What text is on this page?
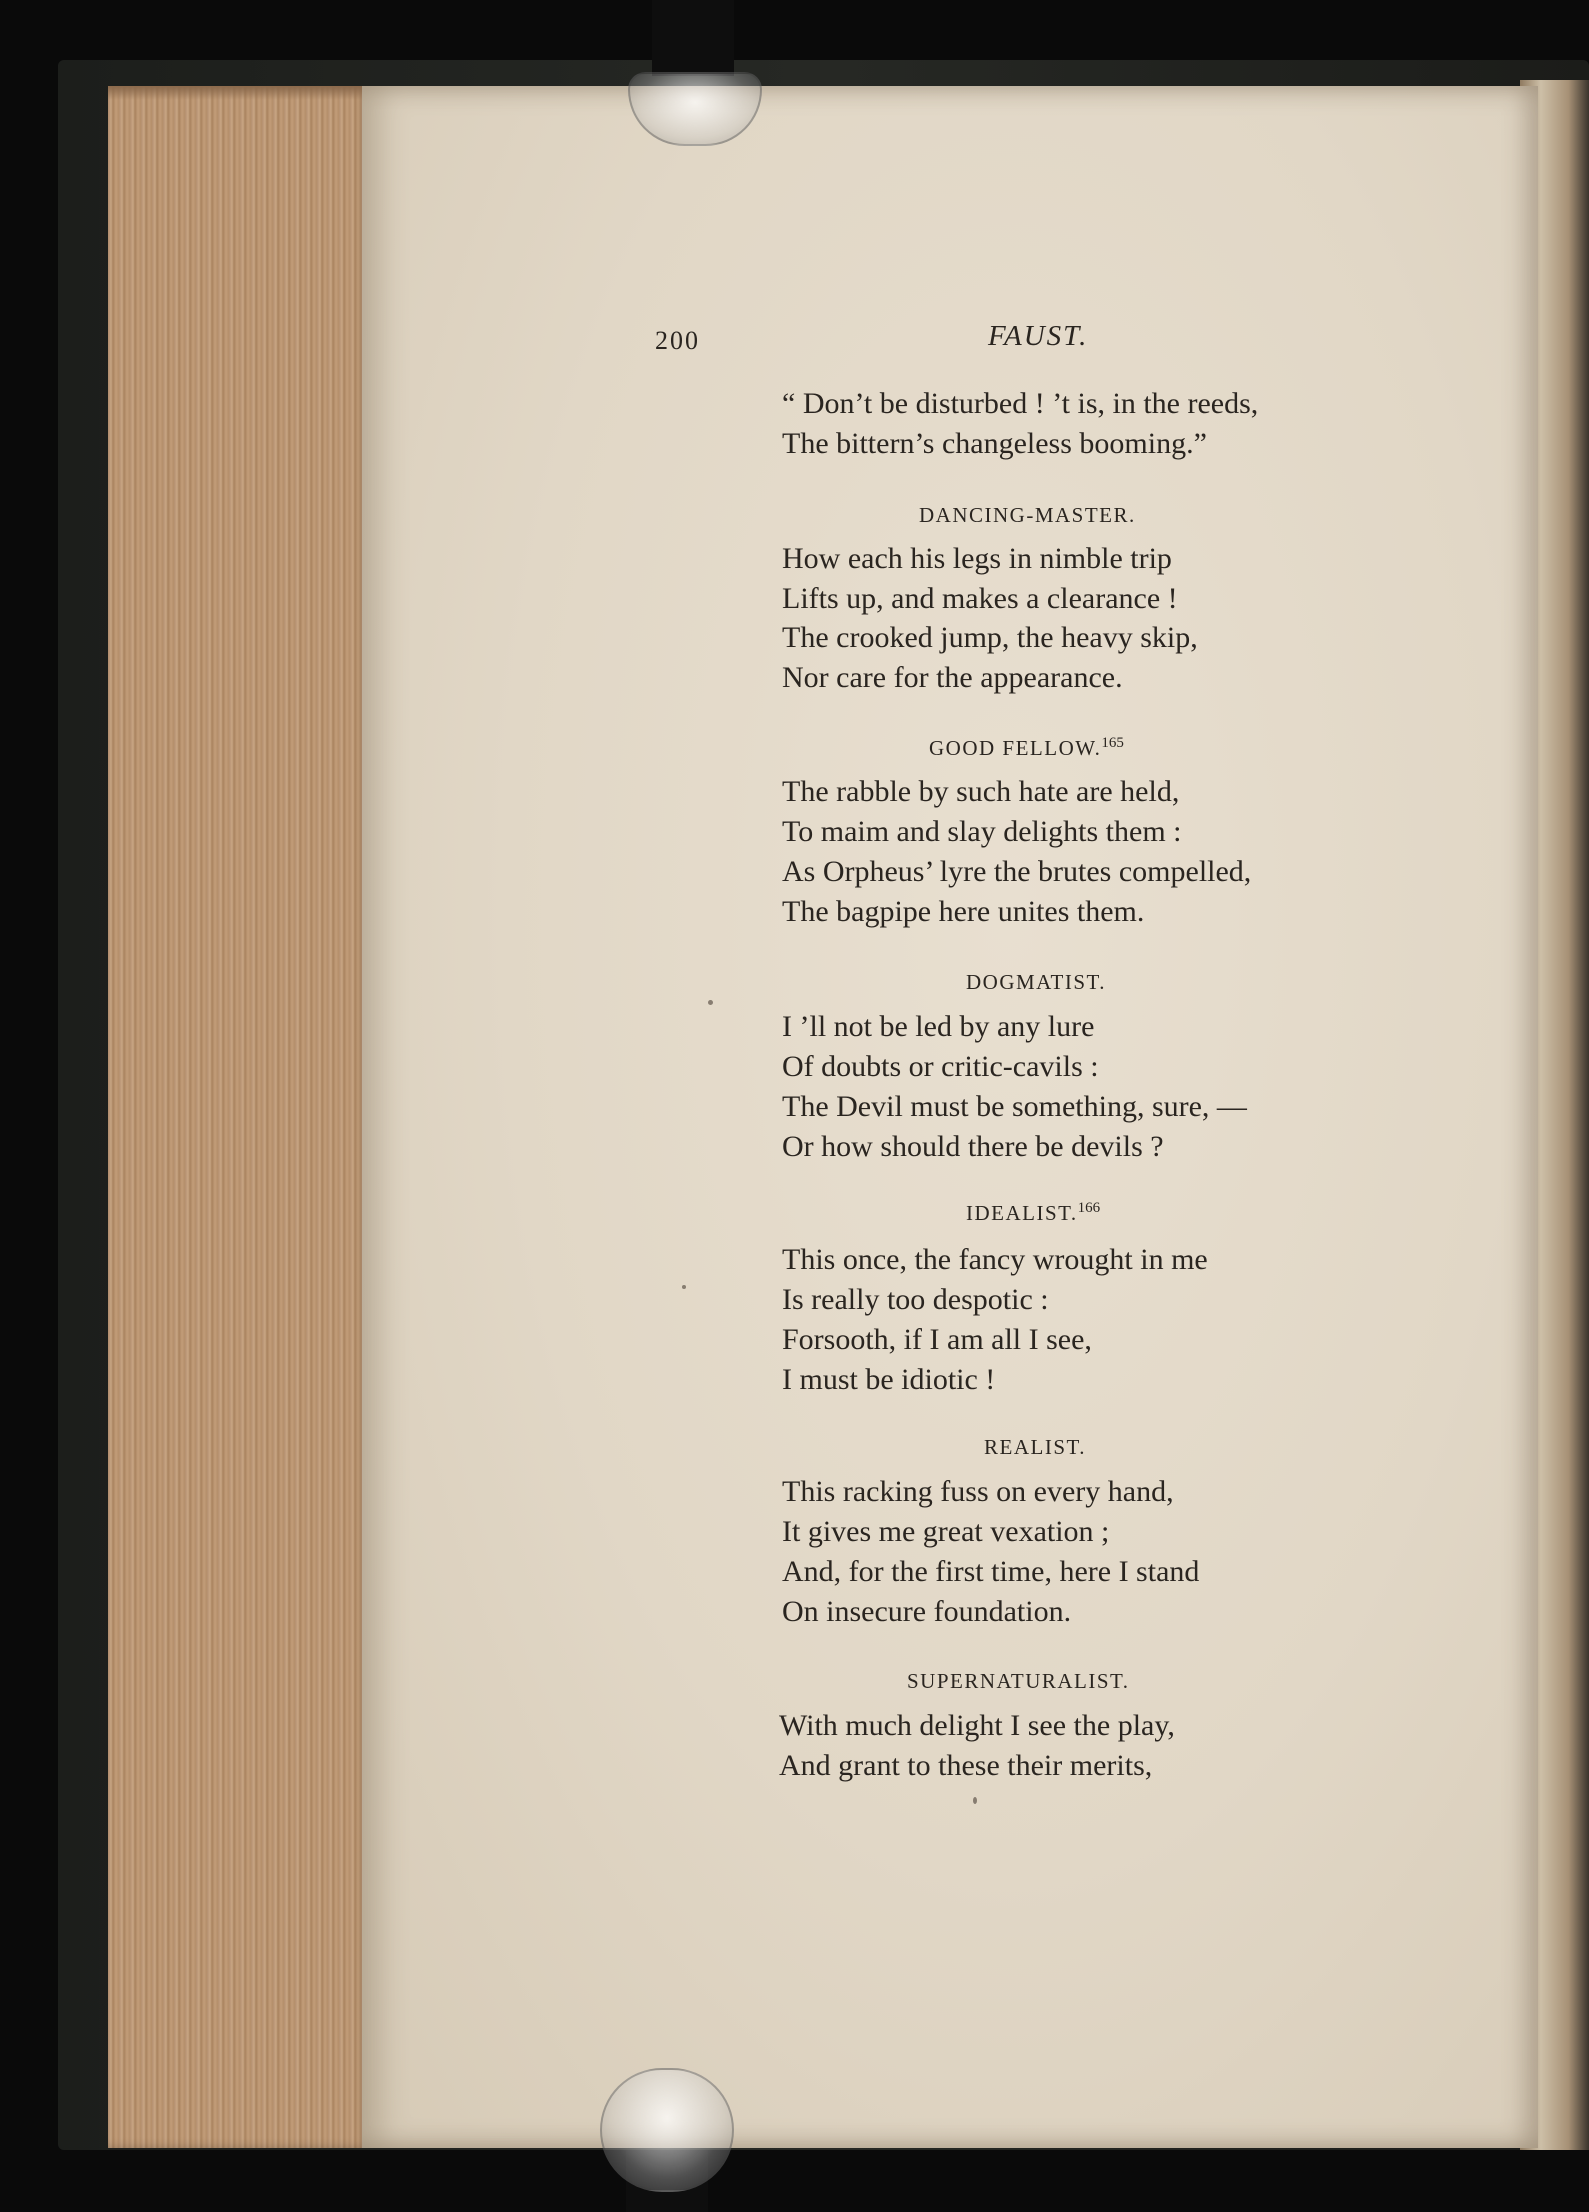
200	FAUST.
“ Don’t be disturbed ! ’t is, in the reeds,
The bittern’s changeless booming.”
DANCING-MASTER.
How each his legs in nimble trip
Lifts up, and makes a clearance !
The crooked jump, the heavy skip,
Nor care for the appearance.
GOOD FELLOW.$^{165}$
The rabble by such hate are held,
To maim and slay delights them :
As Orpheus’ lyre the brutes compelled,
The bagpipe here unites them.
DOGMATIST.
I ’ll not be led by any lure
Of doubts or critic-cavils :
The Devil must be something, sure, —
Or how should there be devils ?
IDEALIST.$^{166}$
This once, the fancy wrought in me
Is really too despotic :
Forsooth, if I am all I see,
I must be idiotic !
REALIST.
This racking fuss on every hand,
It gives me great vexation ;
And, for the first time, here I stand
On insecure foundation.
SUPERNATURALIST.
With much delight I see the play,
And grant to these their merits,
